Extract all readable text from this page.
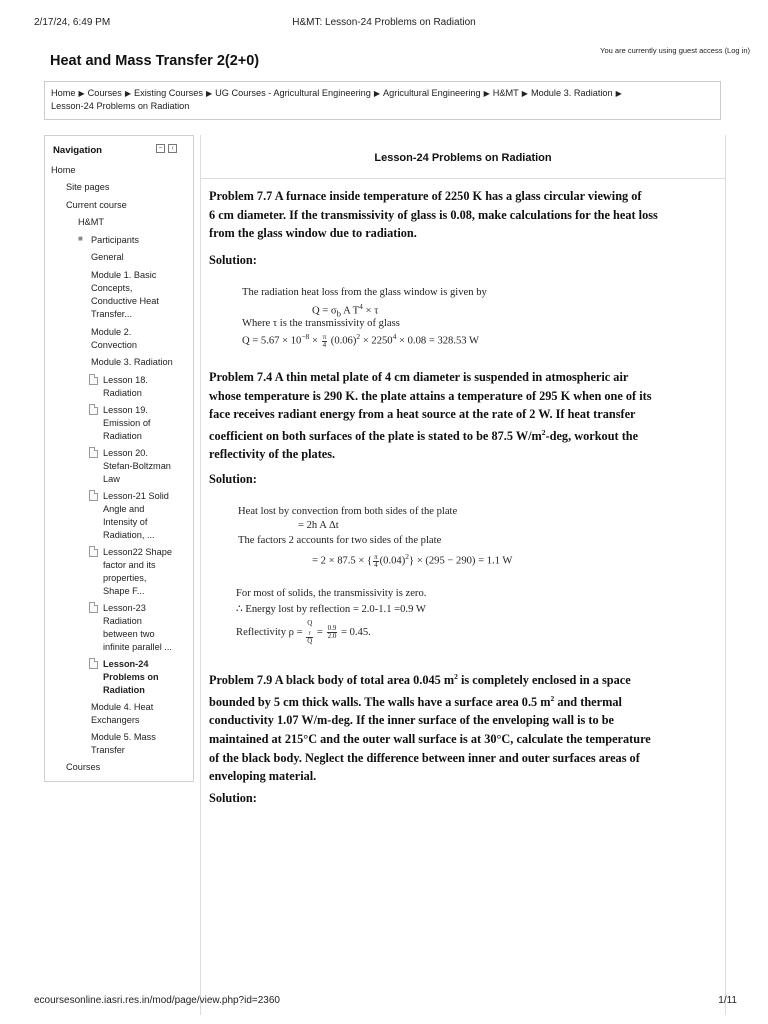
2/17/24, 6:49 PM	H&MT: Lesson-24 Problems on Radiation
Heat and Mass Transfer 2(2+0)
You are currently using guest access (Log in)
Home ▶ Courses ▶ Existing Courses ▶ UG Courses - Agricultural Engineering ▶ Agricultural Engineering ▶ H&MT ▶ Module 3. Radiation ▶
Lesson-24 Problems on Radiation
Navigation	−	‹
Home
Site pages
Current course
H&MT
■ Participants
General
Module 1. Basic
Concepts,
Conductive Heat
Transfer...
Module 2.
Convection
Module 3. Radiation
Lesson 18.
Radiation
Lesson 19.
Emission of
Radiation
Lesson 20.
Stefan-Boltzman
Law
Lesson-21 Solid
Angle and
Intensity of
Radiation, ...
Lesson22 Shape
factor and its
properties,
Shape F...
Lesson-23
Radiation
between two
infinite parallel ...
Lesson-24
Problems on
Radiation
Module 4. Heat
Exchangers
Module 5. Mass
Transfer
Courses
Lesson-24 Problems on Radiation
Problem 7.7 A furnace inside temperature of 2250 K has a glass circular viewing of
6 cm diameter. If the transmissivity of glass is 0.08, make calculations for the heat loss
from the glass window due to radiation.
Solution:
The radiation heat loss from the glass window is given by
$Q = \sigma_b$ A $T^4 \times \tau$
Where τ is the transmissivity of glass
$Q = 5.67 \times 10^{-8} \times \frac{\pi}{4} (0.06)^2 \times 2250^4 \times 0.08 = 328.53$ W
Problem 7.4 A thin metal plate of 4 cm diameter is suspended in atmospheric air
whose temperature is 290 K. the plate attains a temperature of 295 K when one of its
face receives radiant energy from a heat source at the rate of 2 W. If heat transfer
coefficient on both surfaces of the plate is stated to be 87.5 $W/m^2$-deg, workout the
reflectivity of the plates.
Solution:
Heat lost by convection from both sides of the plate
= 2h A Δt
The factors 2 accounts for two sides of the plate
= 2 × 87.5 × { $\frac{\pi}{4} (0.04)^2\} \times (295 - 290) = 1.1$ W
For most of solids, the transmissivity is zero.
∴ Energy lost by reflection = 2.0-1.1 =0.9 W
Reflectivity ρ = Q
$_r$
$Q = \frac{0.9}{2.0} = 0.45$.
Problem 7.9 A black body of total area 0.045 $m^2$ is completely enclosed in a space
bounded by 5 cm thick walls. The walls have a surface area 0.5 $m^2$ and thermal
conductivity 1.07 W/m-deg. If the inner surface of the enveloping wall is to be
maintained at 215°C and the outer wall surface is at 30°C, calculate the temperature
of the black body. Neglect the difference between inner and outer surfaces areas of
enveloping material.
Solution:
ecoursesonline.iasri.res.in/mod/page/view.php?id=2360	1/11
